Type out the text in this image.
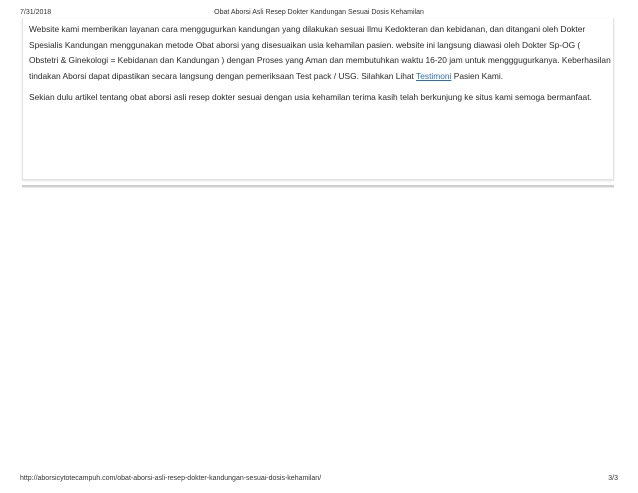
7/31/2018	Obat Aborsi Asli Resep Dokter Kandungan Sesuai Dosis Kehamilan

Website kami memberikan layanan cara menggugurkan kandungan yang dilakukan sesuai Ilmu Kedokteran dan kebidanan, dan ditangani oleh Dokter Spesialis Kandungan menggunakan metode Obat aborsi yang disesuaikan usia kehamilan pasien. website ini langsung diawasi oleh Dokter Sp-OG ( Obstetri & Ginekologi = Kebidanan dan Kandungan ) dengan Proses yang Aman dan membutuhkan waktu 16-20 jam untuk mengggugurkanya. Keberhasilan tindakan Aborsi dapat dipastikan secara langsung dengan pemeriksaan Test pack / USG. Silahkan Lihat Testimoni Pasien Kami.

Sekian dulu artikel tentang obat aborsi asli resep dokter sesuai dengan usia kehamilan terima kasih telah berkunjung ke situs kami semoga bermanfaat.

http://aborsicytotecampuh.com/obat-aborsi-asli-resep-dokter-kandungan-sesuai-dosis-kehamilan/	3/3
